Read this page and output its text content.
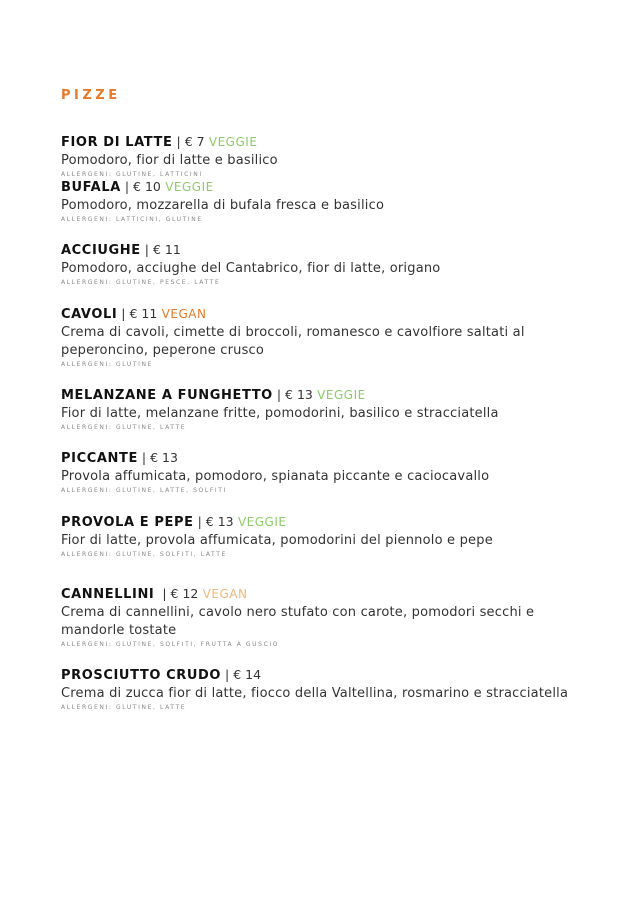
PIZZE
FIOR DI LATTE | € 7 VEGGIE
Pomodoro, fior di latte e basilico
ALLERGENI: GLUTINE, LATTICINI
BUFALA | € 10 VEGGIE
Pomodoro, mozzarella di bufala fresca e basilico
ALLERGENI: LATTICINI, GLUTINE
ACCIUGHE | € 11
Pomodoro, acciughe del Cantabrico, fior di latte, origano
ALLERGENI: GLUTINE, PESCE, LATTE
CAVOLI | € 11 VEGAN
Crema di cavoli, cimette di broccoli, romanesco e cavolfiore saltati al peperoncino, peperone crusco
ALLERGENI: GLUTINE
MELANZANE A FUNGHETTO | € 13 VEGGIE
Fior di latte, melanzane fritte, pomodorini, basilico e stracciatella
ALLERGENI: GLUTINE, LATTE
PICCANTE | € 13
Provola affumicata, pomodoro, spianata piccante e caciocavallo
ALLERGENI: GLUTINE, LATTE, SOLFITI
PROVOLA E PEPE | € 13 VEGGIE
Fior di latte, provola affumicata, pomodorini del piennolo e pepe
ALLERGENI: GLUTINE, SOLFITI, LATTE
CANNELLINI  | € 12 VEGAN
Crema di cannellini, cavolo nero stufato con carote, pomodori secchi e mandorle tostate
ALLERGENI: GLUTINE, SOLFITI, FRUTTA A GUSCIO
PROSCIUTTO CRUDO | € 14
Crema di zucca fior di latte, fiocco della Valtellina, rosmarino e stracciatella
ALLERGENI: GLUTINE, LATTE
